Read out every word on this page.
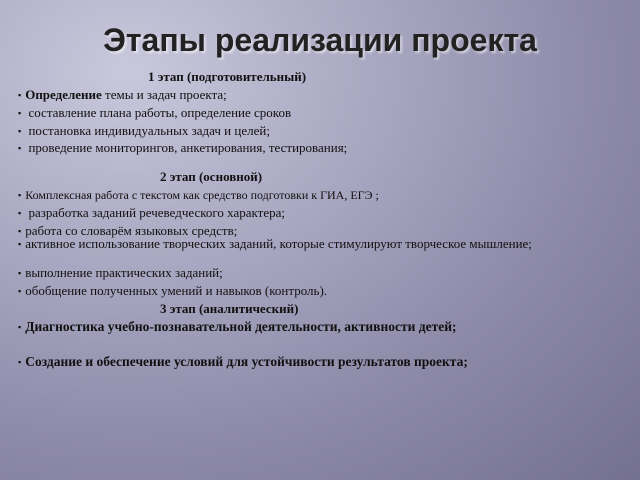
Этапы реализации проекта
1 этап (подготовительный)
▪ Определение темы и задач проекта;
▪ составление плана работы, определение сроков
▪ постановка индивидуальных задач и целей;
▪ проведение мониторингов, анкетирования, тестирования;
2 этап (основной)
▪ Комплексная работа с текстом как средство подготовки к ГИА, ЕГЭ ;
▪ разработка заданий речеведческого характера;
▪ работа со словарём языковых средств;
▪ активное использование творческих заданий, которые стимулируют творческое мышление;
▪ выполнение практических заданий;
▪ обобщение полученных умений и навыков (контроль).
3 этап (аналитический)
▪ Диагностика учебно-познавательной деятельности, активности детей;
▪ Создание и обеспечение условий для устойчивости результатов проекта;
